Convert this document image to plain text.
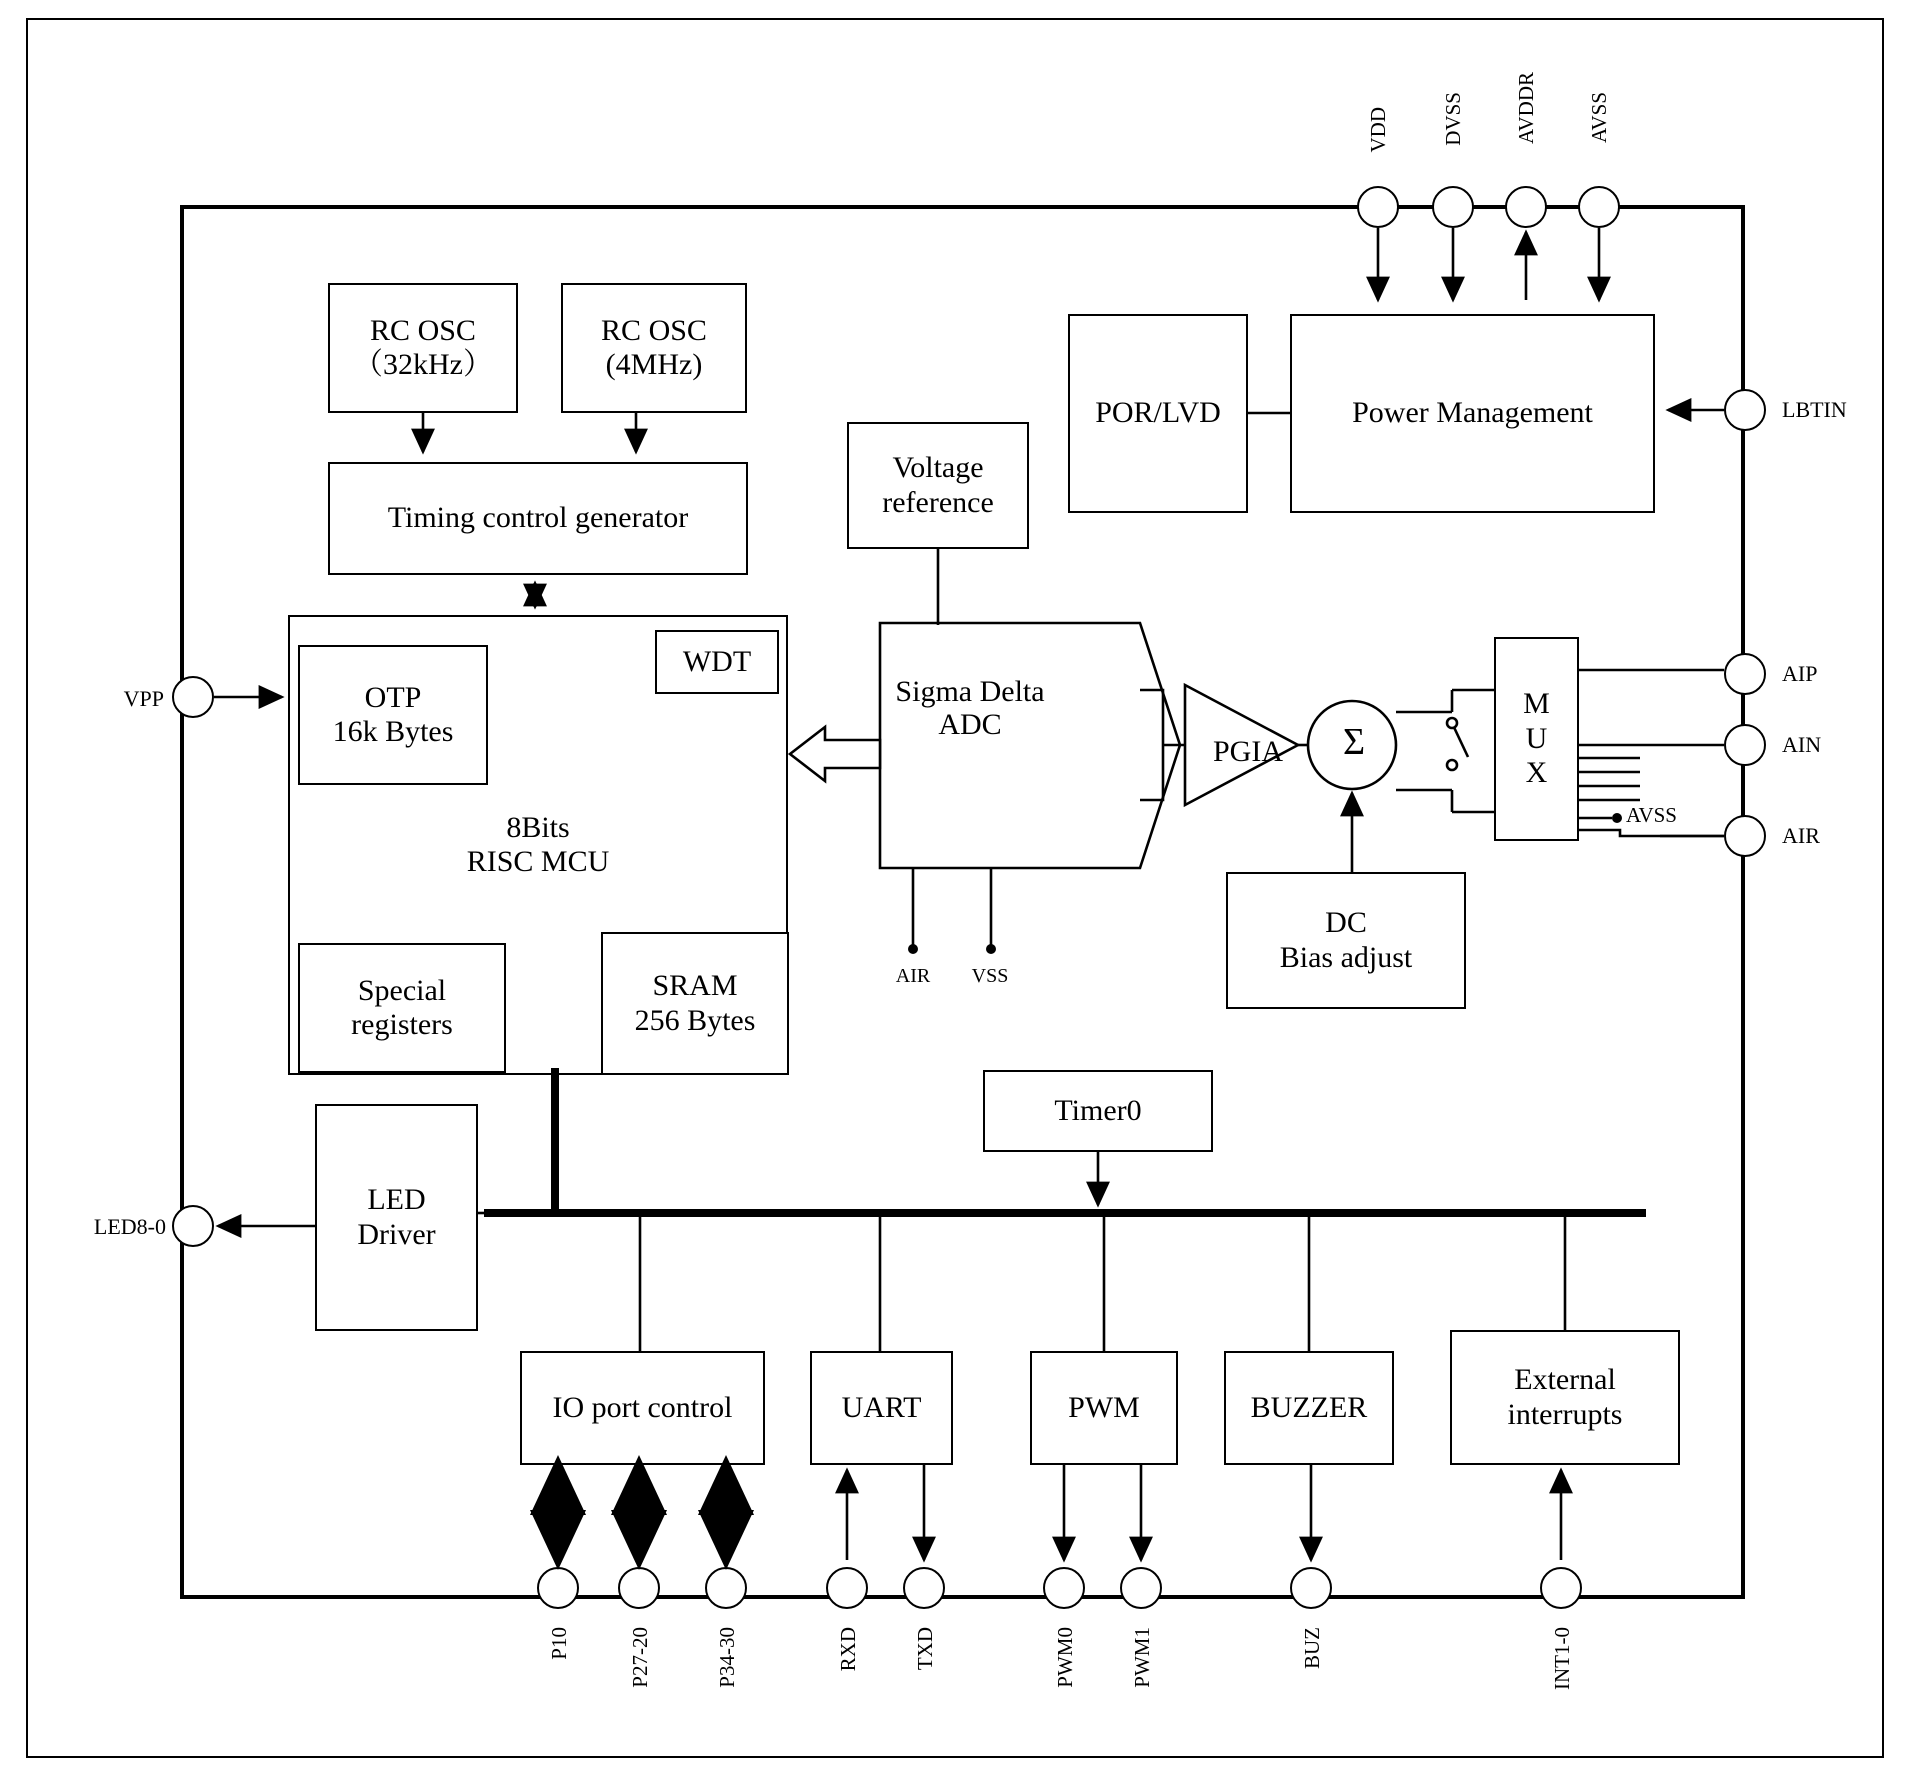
VDD DVSS AVDDR AVSS
LBTIN
AIP
AIN
AIR
VPP
LED8-0
P10	P27-20	P34-30	RXD	TXD	PWM0	PWM1	BUZ	INT1-0
RC OSC
（32kHz）
RC OSC
(4MHz)
Timing control generator
Voltage
reference
POR/LVD	Power Management
8Bits
RISC MCU
OTP
16k Bytes
WDT
Special
registers
SRAM
256 Bytes
Sigma Delta ADC
PGIA	Σ
M
U
X
DC
Bias adjust
Timer0
LED
Driver
IO port control	UART	PWM	BUZZER
External
interrupts
AIR	VSS
AVSS
